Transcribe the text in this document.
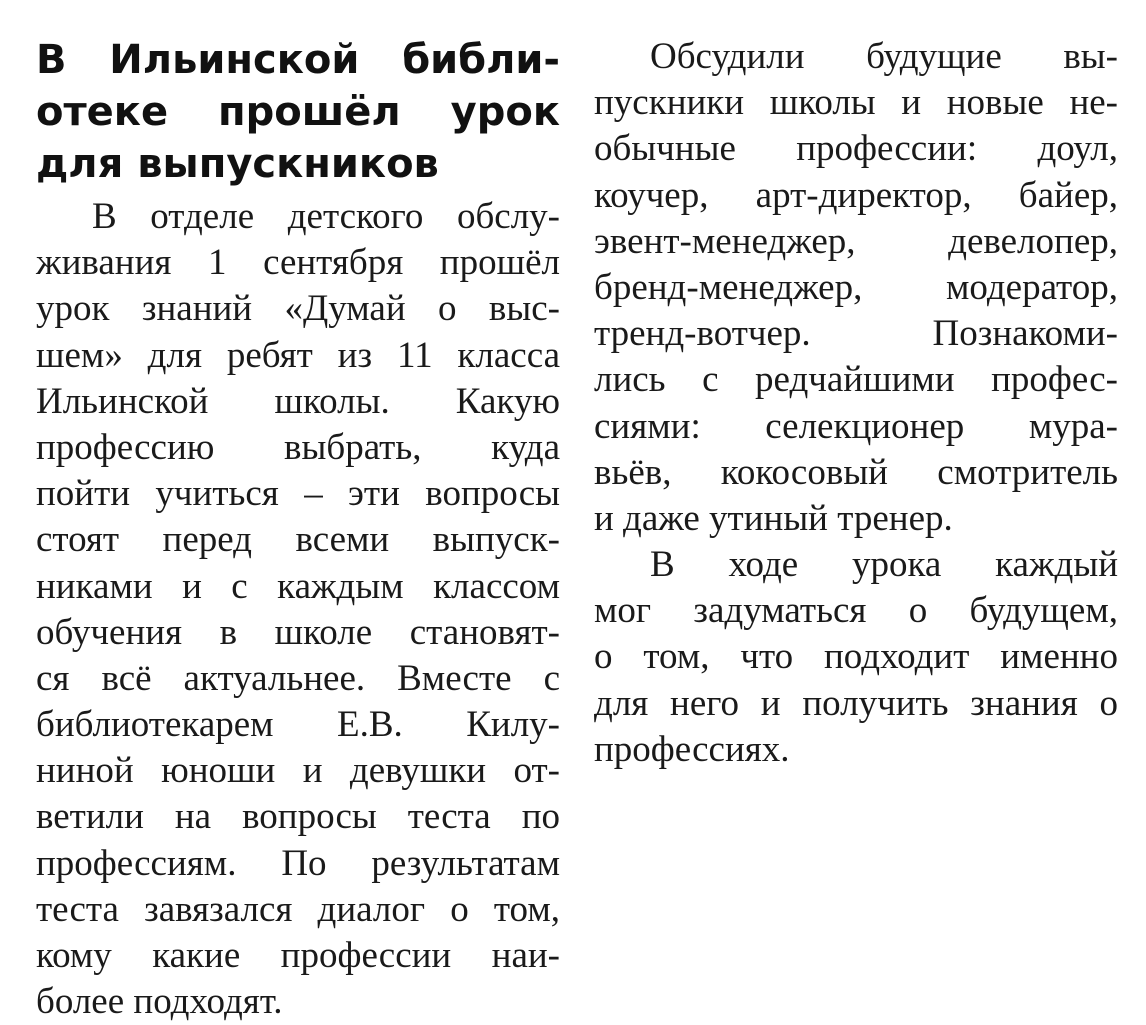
В Ильинской библи-
отеке прошёл урок
для выпускников
В отделе детского обслу-
живания 1 сентября прошёл
урок знаний «Думай о выс-
шем» для ребят из 11 класса
Ильинской школы. Какую
профессию выбрать, куда
пойти учиться – эти вопросы
стоят перед всеми выпуск-
никами и с каждым классом
обучения в школе становят-
ся всё актуальнее. Вместе с
библиотекарем Е.В. Килу-
ниной юноши и девушки от-
ветили на вопросы теста по
профессиям. По результатам
теста завязался диалог о том,
кому какие профессии наи-
более подходят.
Обсудили будущие вы-
пускники школы и новые не-
обычные профессии: доул,
коучер, арт-директор, байер,
эвент-менеджер, девелопер,
бренд-менеджер, модератор,
тренд-вотчер. Познакоми-
лись с редчайшими профес-
сиями: селекционер мура-
вьёв, кокосовый смотритель
и даже утиный тренер.
В ходе урока каждый
мог задуматься о будущем,
о том, что подходит именно
для него и получить знания о
профессиях.
